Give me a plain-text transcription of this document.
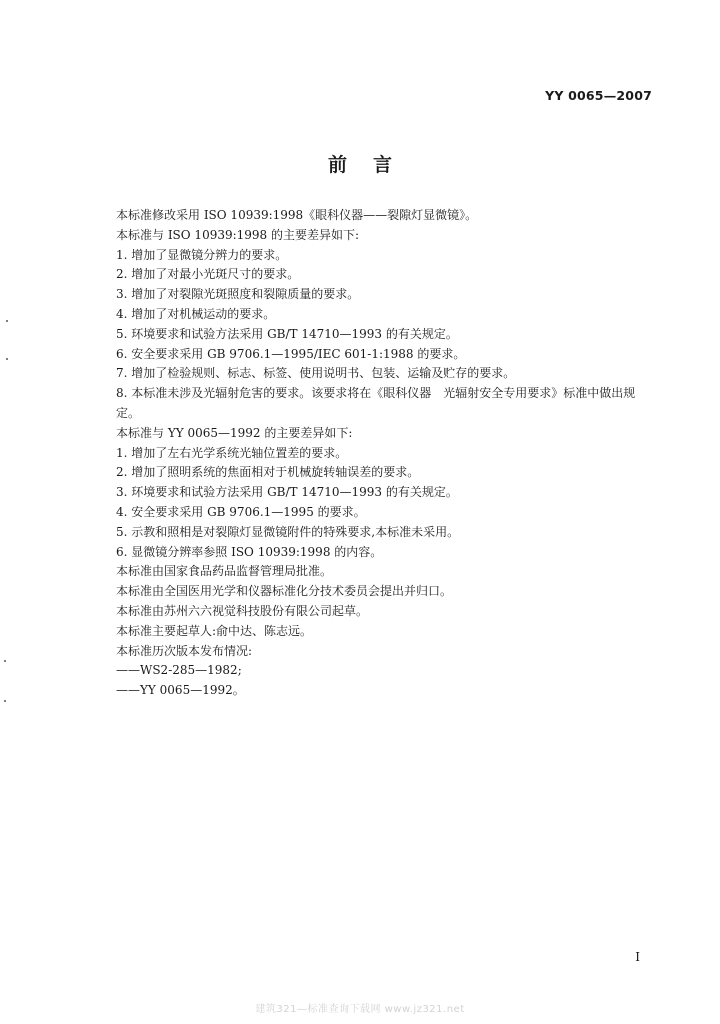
YY 0065—2007
前言

本标准修改采用 ISO 10939:1998《眼科仪器——裂隙灯显微镜》。

本标准与 ISO 10939:1998 的主要差异如下:

1. 增加了显微镜分辨力的要求。

2. 增加了对最小光斑尺寸的要求。

3. 增加了对裂隙光斑照度和裂隙质量的要求。

4. 增加了对机械运动的要求。

5. 环境要求和试验方法采用 GB/T 14710—1993 的有关规定。

6. 安全要求采用 GB 9706.1—1995/IEC 601-1:1988 的要求。

7. 增加了检验规则、标志、标签、使用说明书、包装、运输及贮存的要求。

8. 本标准未涉及光辐射危害的要求。该要求将在《眼科仪器　光辐射安全专用要求》标准中做出规定。

本标准与 YY 0065—1992 的主要差异如下:

1. 增加了左右光学系统光轴位置差的要求。

2. 增加了照明系统的焦面相对于机械旋转轴误差的要求。

3. 环境要求和试验方法采用 GB/T 14710—1993 的有关规定。

4. 安全要求采用 GB 9706.1—1995 的要求。

5. 示教和照相是对裂隙灯显微镜附件的特殊要求,本标准未采用。

6. 显微镜分辨率参照 ISO 10939:1998 的内容。

本标准由国家食品药品监督管理局批准。

本标准由全国医用光学和仪器标准化分技术委员会提出并归口。

本标准由苏州六六视觉科技股份有限公司起草。

本标准主要起草人:俞中达、陈志远。

本标准历次版本发布情况:

——WS2-285—1982;

——YY 0065—1992。

I
建筑321—标准查询下载网 www.jz321.net
